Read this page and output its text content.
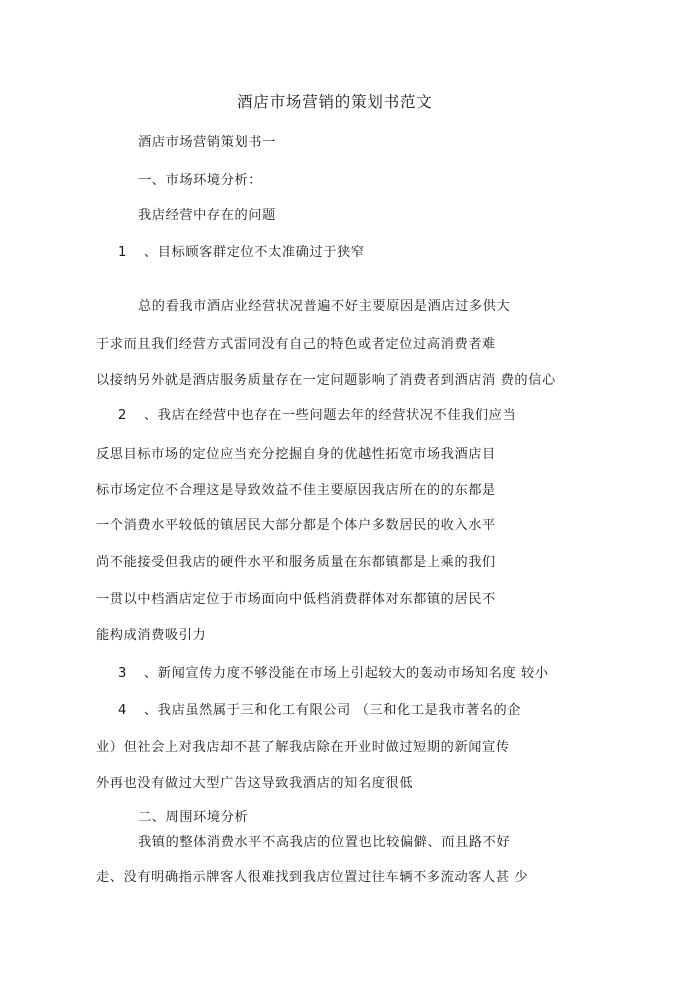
酒店市场营销的策划书范文
酒店市场营销策划书一
一、市场环境分析：
我店经营中存在的问题
1 、目标顾客群定位不太准确过于狭窄
总的看我市酒店业经营状况普遍不好主要原因是酒店过多供大
于求而且我们经营方式雷同没有自己的特色或者定位过高消费者难
以接纳另外就是酒店服务质量存在一定问题影响了消费者到酒店消 费的信心
2 、我店在经营中也存在一些问题去年的经营状况不佳我们应当
反思目标市场的定位应当充分挖掘自身的优越性拓宽市场我酒店目
标市场定位不合理这是导致效益不佳主要原因我店所在的的东都是
一个消费水平较低的镇居民大部分都是个体户多数居民的收入水平
尚不能接受但我店的硬件水平和服务质量在东都镇都是上乘的我们
一贯以中档酒店定位于市场面向中低档消费群体对东都镇的居民不
能构成消费吸引力
3 、新闻宣传力度不够没能在市场上引起较大的轰动市场知名度 较小
4 、我店虽然属于三和化工有限公司 （三和化工是我市著名的企
业）但社会上对我店却不甚了解我店除在开业时做过短期的新闻宣传
外再也没有做过大型广告这导致我酒店的知名度很低
二、周围环境分析
我镇的整体消费水平不高我店的位置也比较偏僻、而且路不好
走、没有明确指示牌客人很难找到我店位置过往车辆不多流动客人甚 少
